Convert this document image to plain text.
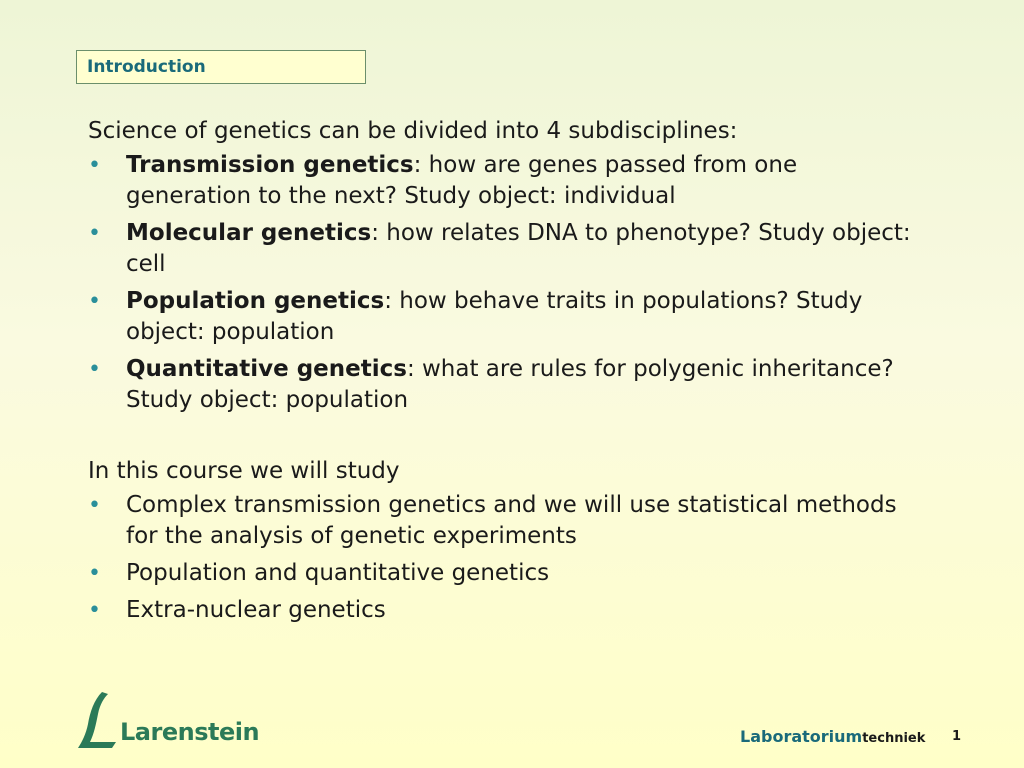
Introduction

Science of genetics can be divided into 4 subdisciplines:

• Transmission genetics: how are genes passed from one generation to the next? Study object: individual
• Molecular genetics: how relates DNA to phenotype? Study object: cell
• Population genetics: how behave traits in populations? Study object: population
• Quantitative genetics: what are rules for polygenic inheritance? Study object: population

In this course we will study

• Complex transmission genetics and we will use statistical methods for the analysis of genetic experiments
• Population and quantitative genetics
• Extra-nuclear genetics
Larenstein	Laboratoriumtechniek 1
